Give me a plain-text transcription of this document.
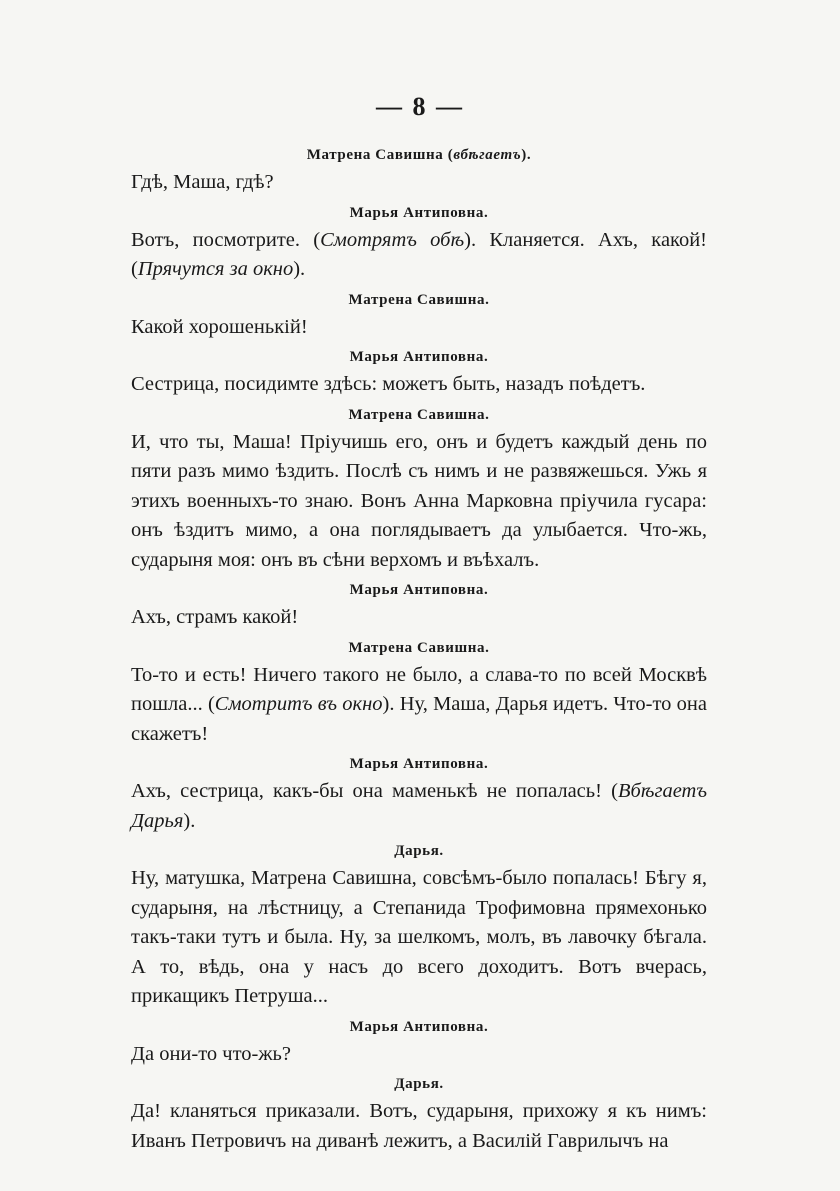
— 8 —
Матрена Савишна (вбѣгаетъ).

Гдѣ, Маша, гдѣ?

Марья Антиповна.

Вотъ, посмотрите. (Смотрятъ обѣ). Кланяется. Ахъ, какой! (Прячутся за окно).

Матрена Савишна.

Какой хорошенькій!

Марья Антиповна.

Сестрица, посидимте здѣсь: можетъ быть, назадъ поѣдетъ.

Матрена Савишна.

И, что ты, Маша! Пріучишь его, онъ и будетъ каждый день по пяти разъ мимо ѣздить. Послѣ съ нимъ и не развяжешься. Ужь я этихъ военныхъ-то знаю. Вонъ Анна Марковна пріучила гусара: онъ ѣздитъ мимо, а она поглядываетъ да улыбается. Что-жь, сударыня моя: онъ въ сѣни верхомъ и въѣхалъ.

Марья Антиповна.

Ахъ, страмъ какой!

Матрена Савишна.

То-то и есть! Ничего такого не было, а слава-то по всей Москвѣ пошла... (Смотритъ въ окно). Ну, Маша, Дарья идетъ. Что-то она скажетъ!

Марья Антиповна.

Ахъ, сестрица, какъ-бы она маменькѣ не попалась! (Вбѣгаетъ Дарья).

Дарья.

Ну, матушка, Матрена Савишна, совсѣмъ-было попалась! Бѣгу я, сударыня, на лѣстницу, а Степанида Трофимовна прямехонько такъ-таки тутъ и была. Ну, за шелкомъ, молъ, въ лавочку бѣгала. А то, вѣдь, она у насъ до всего доходитъ. Вотъ вчерась, прикащикъ Петруша...

Марья Антиповна.

Да они-то что-жь?

Дарья.

Да! кланяться приказали. Вотъ, сударыня, прихожу я къ нимъ: Иванъ Петровичъ на диванѣ лежитъ, а Василій Гаврилычъ на
